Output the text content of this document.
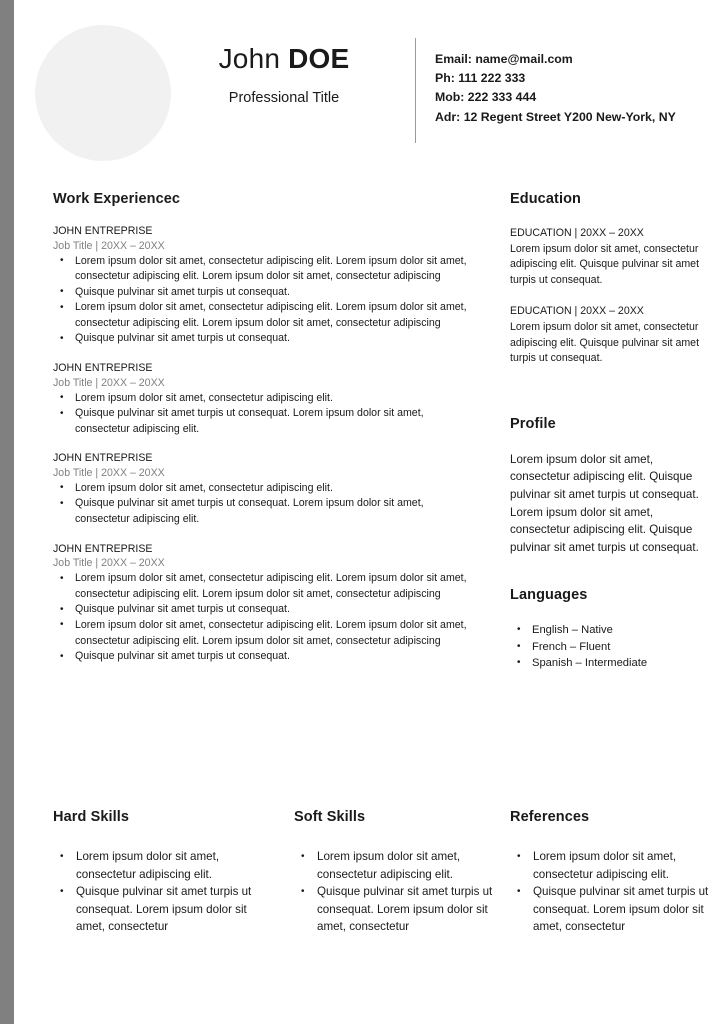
John DOE
Professional Title
Email: name@mail.com
Ph: 111 222 333
Mob: 222 333 444
Adr: 12 Regent Street Y200 New-York, NY
Work Experiencec
JOHN ENTREPRISE
Job Title | 20XX – 20XX
• Lorem ipsum dolor sit amet, consectetur adipiscing elit. Lorem ipsum dolor sit amet, consectetur adipiscing elit. Lorem ipsum dolor sit amet, consectetur adipiscing
• Quisque pulvinar sit amet turpis ut consequat.
• Lorem ipsum dolor sit amet, consectetur adipiscing elit. Lorem ipsum dolor sit amet, consectetur adipiscing elit. Lorem ipsum dolor sit amet, consectetur adipiscing
• Quisque pulvinar sit amet turpis ut consequat.
JOHN ENTREPRISE
Job Title | 20XX – 20XX
• Lorem ipsum dolor sit amet, consectetur adipiscing elit.
• Quisque pulvinar sit amet turpis ut consequat. Lorem ipsum dolor sit amet, consectetur adipiscing elit.
JOHN ENTREPRISE
Job Title | 20XX – 20XX
• Lorem ipsum dolor sit amet, consectetur adipiscing elit.
• Quisque pulvinar sit amet turpis ut consequat. Lorem ipsum dolor sit amet, consectetur adipiscing elit.
JOHN ENTREPRISE
Job Title | 20XX – 20XX
• Lorem ipsum dolor sit amet, consectetur adipiscing elit. Lorem ipsum dolor sit amet, consectetur adipiscing elit. Lorem ipsum dolor sit amet, consectetur adipiscing
• Quisque pulvinar sit amet turpis ut consequat.
• Lorem ipsum dolor sit amet, consectetur adipiscing elit. Lorem ipsum dolor sit amet, consectetur adipiscing elit. Lorem ipsum dolor sit amet, consectetur adipiscing
• Quisque pulvinar sit amet turpis ut consequat.
Education
EDUCATION | 20XX – 20XX
Lorem ipsum dolor sit amet, consectetur adipiscing elit. Quisque pulvinar sit amet turpis ut consequat.
EDUCATION | 20XX – 20XX
Lorem ipsum dolor sit amet, consectetur adipiscing elit. Quisque pulvinar sit amet turpis ut consequat.
Profile
Lorem ipsum dolor sit amet, consectetur adipiscing elit. Quisque pulvinar sit amet turpis ut consequat. Lorem ipsum dolor sit amet, consectetur adipiscing elit. Quisque pulvinar sit amet turpis ut consequat.
Languages
• English – Native
• French – Fluent
• Spanish – Intermediate
Hard Skills
• Lorem ipsum dolor sit amet, consectetur adipiscing elit.
• Quisque pulvinar sit amet turpis ut consequat. Lorem ipsum dolor sit amet, consectetur
Soft Skills
• Lorem ipsum dolor sit amet, consectetur adipiscing elit.
• Quisque pulvinar sit amet turpis ut consequat. Lorem ipsum dolor sit amet, consectetur
References
• Lorem ipsum dolor sit amet, consectetur adipiscing elit.
• Quisque pulvinar sit amet turpis ut consequat. Lorem ipsum dolor sit amet, consectetur
